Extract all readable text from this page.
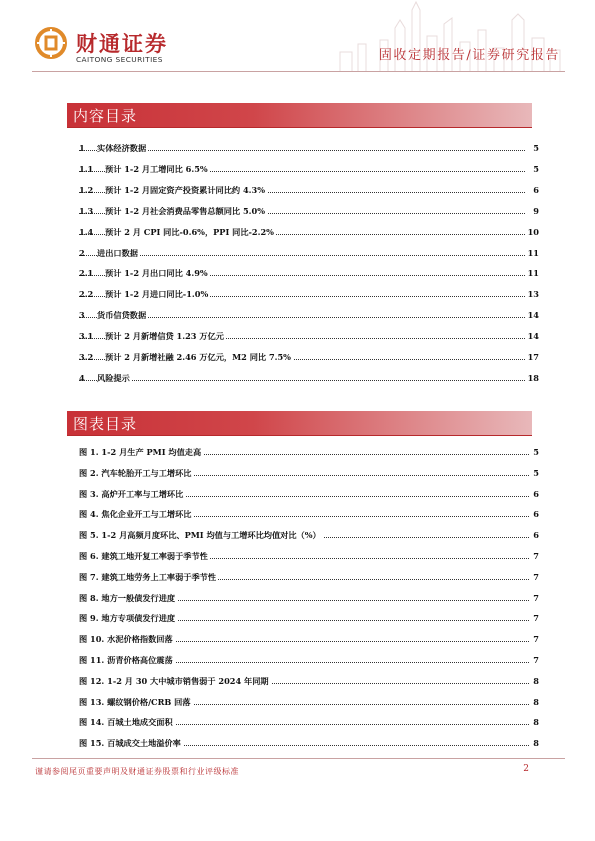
财通证券
CAITONG SECURITIES	固收定期报告/证券研究报告
内容目录
1 实体经济数据	5
1.1 预计 1-2 月工增同比 6.5%	5
1.2 预计 1-2 月固定资产投资累计同比约 4.3%	6
1.3 预计 1-2 月社会消费品零售总额同比 5.0%	9
1.4 预计 2 月 CPI 同比-0.6%，PPI 同比-2.2%	10
2 进出口数据	11
2.1 预计 1-2 月出口同比 4.9%	11
2.2 预计 1-2 月进口同比-1.0%	13
3 货币信贷数据	14
3.1 预计 2 月新增信贷 1.23 万亿元	14
3.2 预计 2 月新增社融 2.46 万亿元，M2 同比 7.5%	17
4 风险提示	18
图表目录
图 1. 1-2 月生产 PMI 均值走高	5
图 2. 汽车轮胎开工与工增环比	5
图 3. 高炉开工率与工增环比	6
图 4. 焦化企业开工与工增环比	6
图 5. 1-2 月高频月度环比、PMI 均值与工增环比均值对比（%）	6
图 6. 建筑工地开复工率弱于季节性	7
图 7. 建筑工地劳务上工率弱于季节性	7
图 8. 地方一般债发行进度	7
图 9. 地方专项债发行进度	7
图 10. 水泥价格指数回落	7
图 11. 沥青价格高位震荡	7
图 12. 1-2 月 30 大中城市销售弱于 2024 年同期	8
图 13. 螺纹钢价格/CRB 回落	8
图 14. 百城土地成交面积	8
图 15. 百城成交土地溢价率	8
谨请参阅尾页重要声明及财通证券股票和行业评级标准	2
